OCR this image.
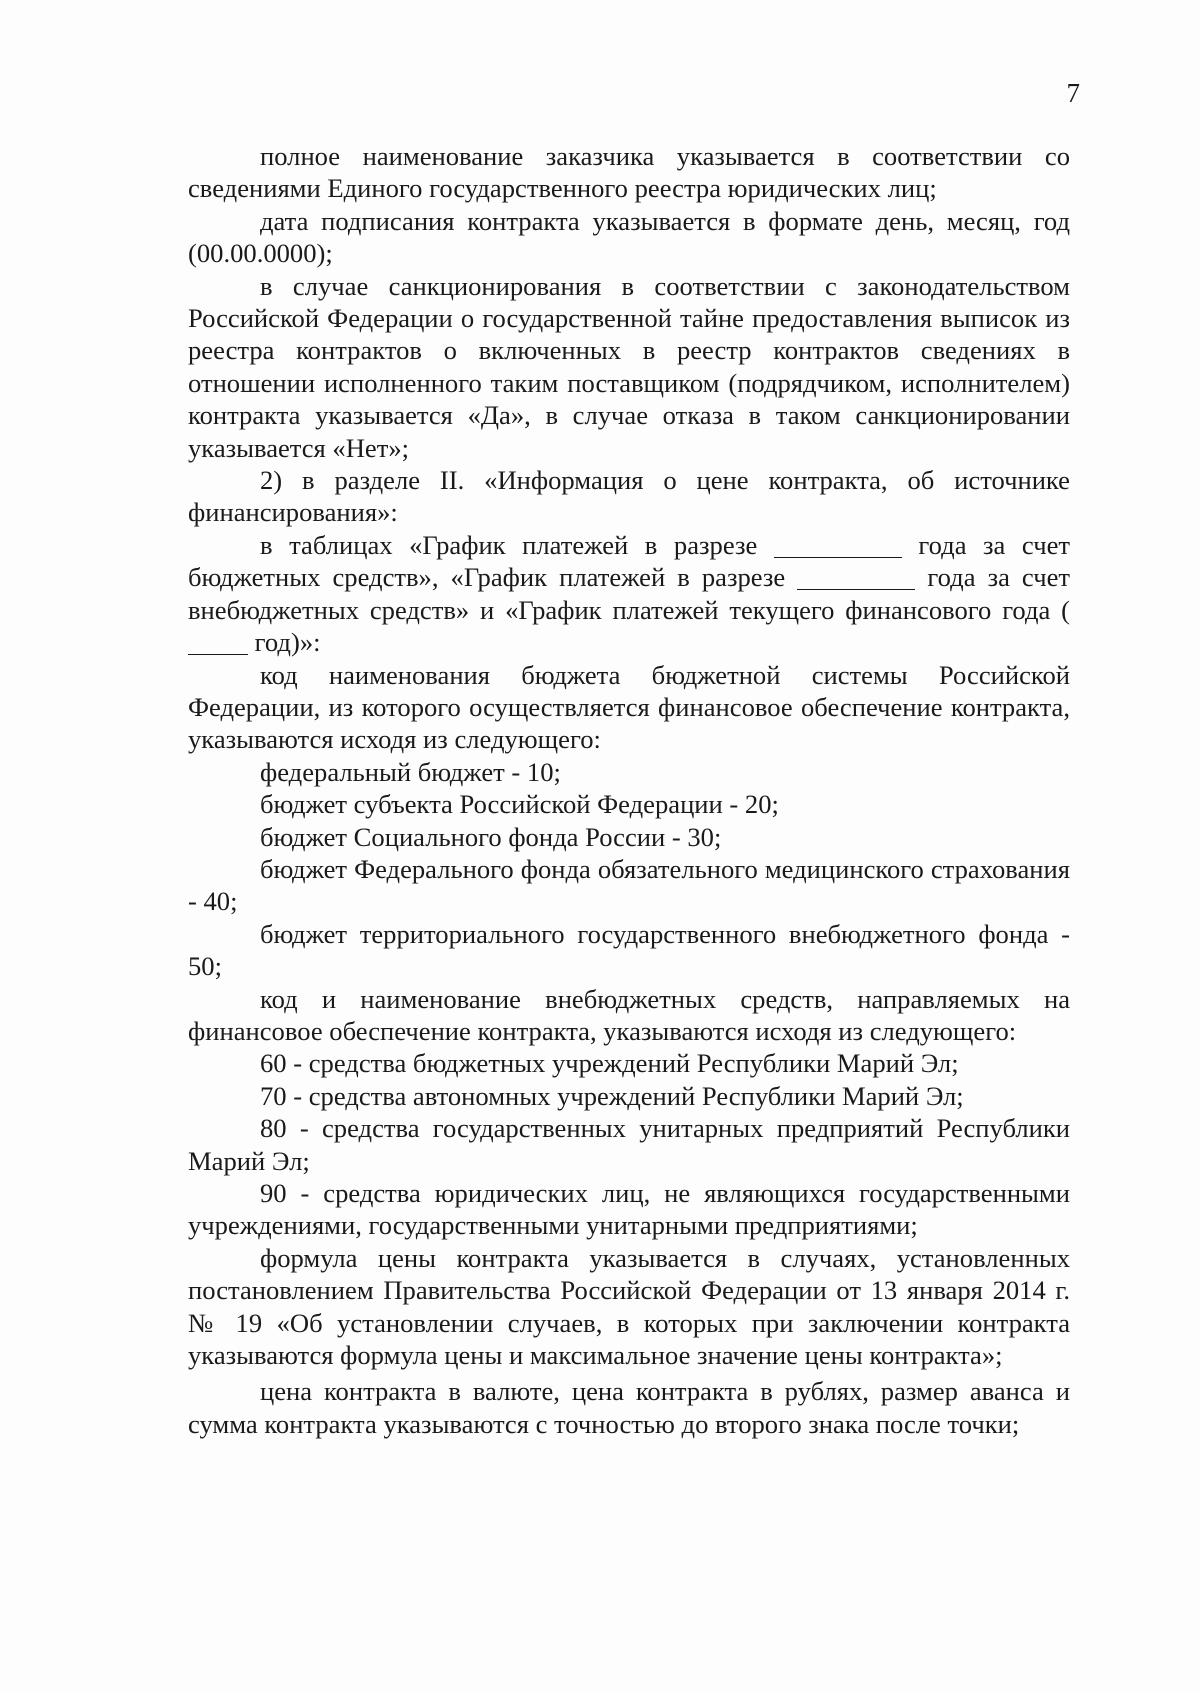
7

полное наименование заказчика указывается в соответствии со сведениями Единого государственного реестра юридических лиц;

дата подписания контракта указывается в формате день, месяц, год (00.00.0000);

в случае санкционирования в соответствии с законодательством Российской Федерации о государственной тайне предоставления выписок из реестра контрактов о включенных в реестр контрактов сведениях в отношении исполненного таким поставщиком (подрядчиком, исполнителем) контракта указывается «Да», в случае отказа в таком санкционировании указывается «Нет»;

2) в разделе II. «Информация о цене контракта, об источнике финансирования»:

в таблицах «График платежей в разрезе	года за счет бюджетных средств», «График платежей в разрезе	года за счет внебюджетных средств» и «График платежей текущего финансового года ( год)»:

код наименования бюджета бюджетной системы Российской Федерации, из которого осуществляется финансовое обеспечение контракта, указываются исходя из следующего:

федеральный бюджет - 10;

бюджет субъекта Российской Федерации - 20;

бюджет Социального фонда России - 30;

бюджет Федерального фонда обязательного медицинского страхования - 40;

бюджет территориального государственного внебюджетного фонда - 50;

код и наименование внебюджетных средств, направляемых на финансовое обеспечение контракта, указываются исходя из следующего:

60 - средства бюджетных учреждений Республики Марий Эл;

70 - средства автономных учреждений Республики Марий Эл;

80 - средства государственных унитарных предприятий Республики Марий Эл;

90 - средства юридических лиц, не являющихся государственными учреждениями, государственными унитарными предприятиями;

формула цены контракта указывается в случаях, установленных постановлением Правительства Российской Федерации от 13 января 2014 г. № 19 «Об установлении случаев, в которых при заключении контракта указываются формула цены и максимальное значение цены контракта»;

цена контракта в валюте, цена контракта в рублях, размер аванса и сумма контракта указываются с точностью до второго знака после точки;
